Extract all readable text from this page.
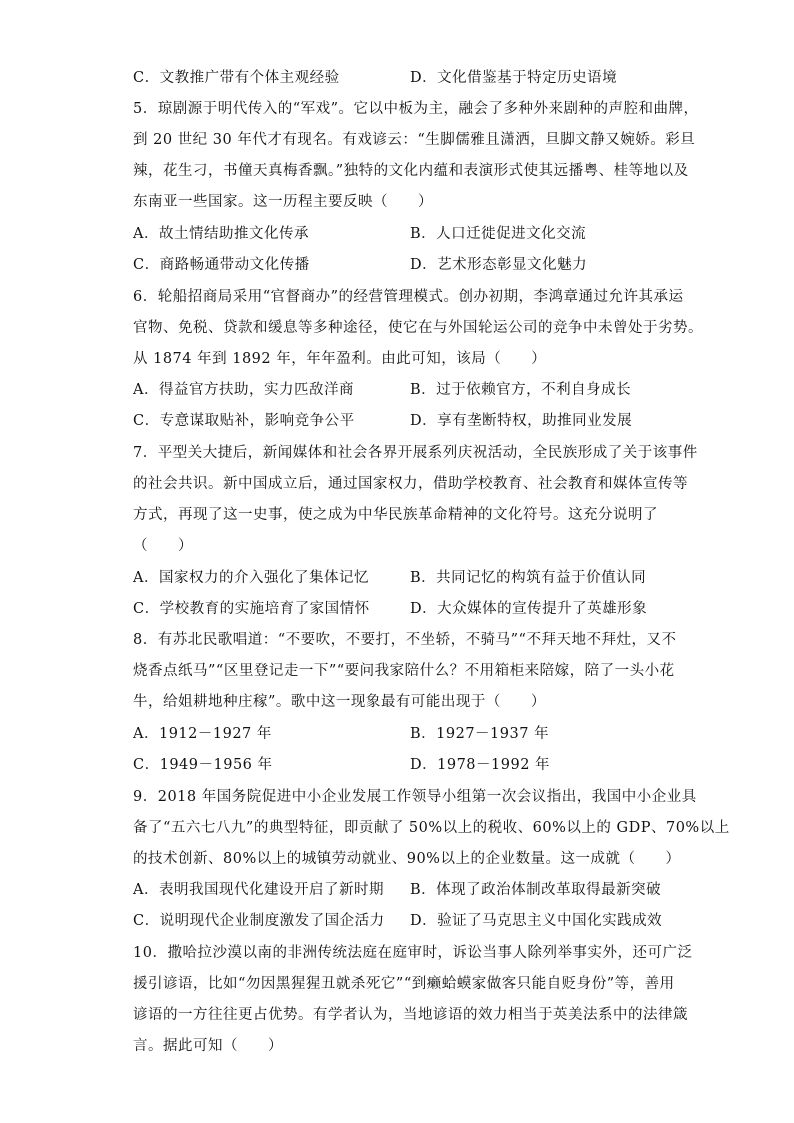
C．文教推广带有个体主观经验	D．文化借鉴基于特定历史语境
5．琼剧源于明代传入的“军戏”。它以中板为主，融会了多种外来剧种的声腔和曲牌，
到 20 世纪 30 年代才有现名。有戏谚云：“生脚儒雅且潇洒，旦脚文静又婉娇。彩旦
辣，花生刁，书僮天真梅香飘。”独特的文化内蕴和表演形式使其远播粤、桂等地以及
东南亚一些国家。这一历程主要反映（　　）
A．故土情结助推文化传承	B．人口迁徙促进文化交流
C．商路畅通带动文化传播	D．艺术形态彰显文化魅力
6．轮船招商局采用“官督商办”的经营管理模式。创办初期，李鸿章通过允许其承运
官物、免税、贷款和缓息等多种途径，使它在与外国轮运公司的竞争中未曾处于劣势。
从 1874 年到 1892 年，年年盈利。由此可知，该局（　　）
A．得益官方扶助，实力匹敌洋商	B．过于依赖官方，不利自身成长
C．专意谋取贴补，影响竞争公平	D．享有垄断特权，助推同业发展
7．平型关大捷后，新闻媒体和社会各界开展系列庆祝活动，全民族形成了关于该事件
的社会共识。新中国成立后，通过国家权力，借助学校教育、社会教育和媒体宣传等
方式，再现了这一史事，使之成为中华民族革命精神的文化符号。这充分说明了
（　　）
A．国家权力的介入强化了集体记忆	B．共同记忆的构筑有益于价值认同
C．学校教育的实施培育了家国情怀	D．大众媒体的宣传提升了英雄形象
8．有苏北民歌唱道：“不要吹，不要打，不坐轿，不骑马”“不拜天地不拜灶，又不
烧香点纸马”“区里登记走一下”“要问我家陪什么？不用箱柜来陪嫁，陪了一头小花
牛，给姐耕地种庄稼”。歌中这一现象最有可能出现于（　　）
A．1912－1927 年	B．1927－1937 年
C．1949－1956 年	D．1978－1992 年
9．2018 年国务院促进中小企业发展工作领导小组第一次会议指出，我国中小企业具
备了“五六七八九”的典型特征，即贡献了 50%以上的税收、60%以上的 GDP、70%以上
的技术创新、80%以上的城镇劳动就业、90%以上的企业数量。这一成就（　　）
A．表明我国现代化建设开启了新时期 B．体现了政治体制改革取得最新突破
C．说明现代企业制度激发了国企活力 D．验证了马克思主义中国化实践成效
10．撒哈拉沙漠以南的非洲传统法庭在庭审时，诉讼当事人除列举事实外，还可广泛
援引谚语，比如“勿因黑猩猩丑就杀死它”“到癞蛤蟆家做客只能自贬身份”等，善用
谚语的一方往往更占优势。有学者认为，当地谚语的效力相当于英美法系中的法律箴
言。据此可知（　　）
